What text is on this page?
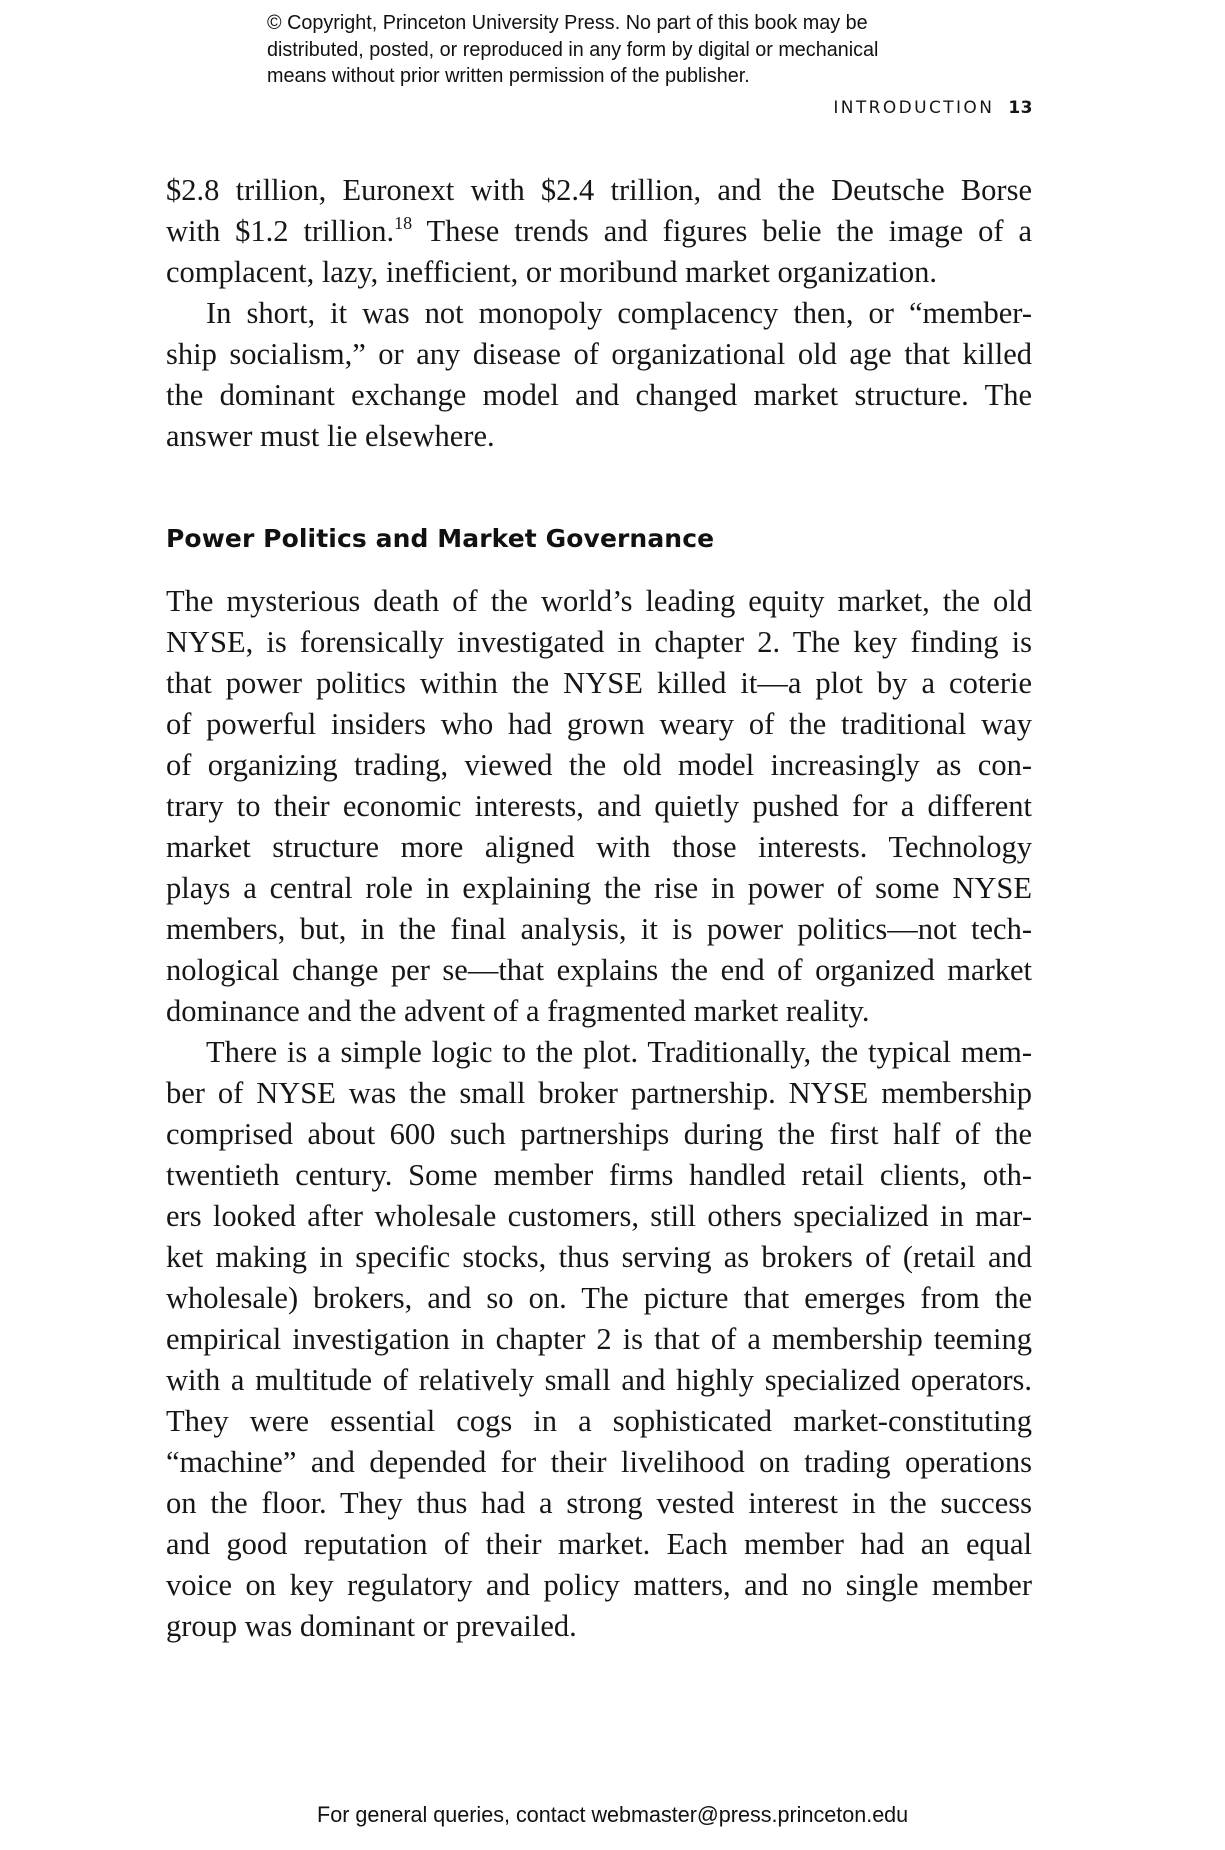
© Copyright, Princeton University Press. No part of this book may be
distributed, posted, or reproduced in any form by digital or mechanical
means without prior written permission of the publisher.
INTRODUCTION 13
$2.8 trillion, Euronext with $2.4 trillion, and the Deutsche Borse
with $1.2 trillion.$^{18}$ These trends and figures belie the image of a
complacent, lazy, inefficient, or moribund market organization.
In short, it was not monopoly complacency then, or “member-
ship socialism,” or any disease of organizational old age that killed
the dominant exchange model and changed market structure. The
answer must lie elsewhere.
Power Politics and Market Governance
The mysterious death of the world’s leading equity market, the old
NYSE, is forensically investigated in chapter 2. The key finding is
that power politics within the NYSE killed it—a plot by a coterie
of powerful insiders who had grown weary of the traditional way
of organizing trading, viewed the old model increasingly as con-
trary to their economic interests, and quietly pushed for a different
market structure more aligned with those interests. Technology
plays a central role in explaining the rise in power of some NYSE
members, but, in the final analysis, it is power politics—not tech-
nological change per se—that explains the end of organized market
dominance and the advent of a fragmented market reality.
There is a simple logic to the plot. Traditionally, the typical mem-
ber of NYSE was the small broker partnership. NYSE membership
comprised about 600 such partnerships during the first half of the
twentieth century. Some member firms handled retail clients, oth-
ers looked after wholesale customers, still others specialized in mar-
ket making in specific stocks, thus serving as brokers of (retail and
wholesale) brokers, and so on. The picture that emerges from the
empirical investigation in chapter 2 is that of a membership teeming
with a multitude of relatively small and highly specialized operators.
They were essential cogs in a sophisticated market-constituting
“machine” and depended for their livelihood on trading operations
on the floor. They thus had a strong vested interest in the success
and good reputation of their market. Each member had an equal
voice on key regulatory and policy matters, and no single member
group was dominant or prevailed.
For general queries, contact webmaster@press.princeton.edu
